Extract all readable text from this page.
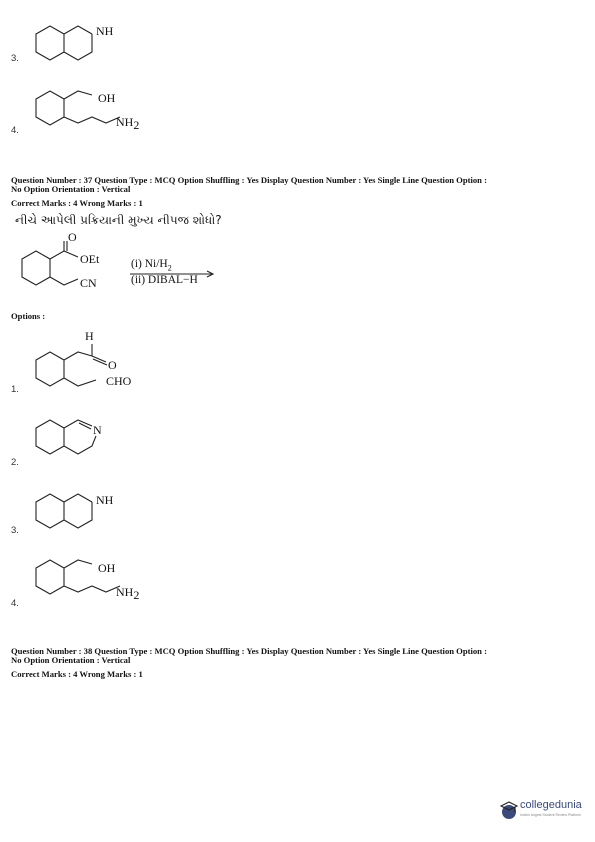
3.
NH
4.
OH
NH2
Question Number : 37 Question Type : MCQ Option Shuffling : Yes Display Question Number : Yes Single Line Question Option :
No Option Orientation : Vertical
Correct Marks : 4 Wrong Marks : 1
નીચે આપેલી પ્રક્રિયાની મુખ્ય નીપજ શોધો?
O
OEt
CN
(i) $Ni/H_2$
(ii) DIBAL−H
Options :
H
O
CHO
1.
N
2.
NH
3.
OH
NH2
4.
Question Number : 38 Question Type : MCQ Option Shuffling : Yes Display Question Number : Yes Single Line Question Option :
No Option Orientation : Vertical
Correct Marks : 4 Wrong Marks : 1
collegedunia
India's largest Student Review Platform
